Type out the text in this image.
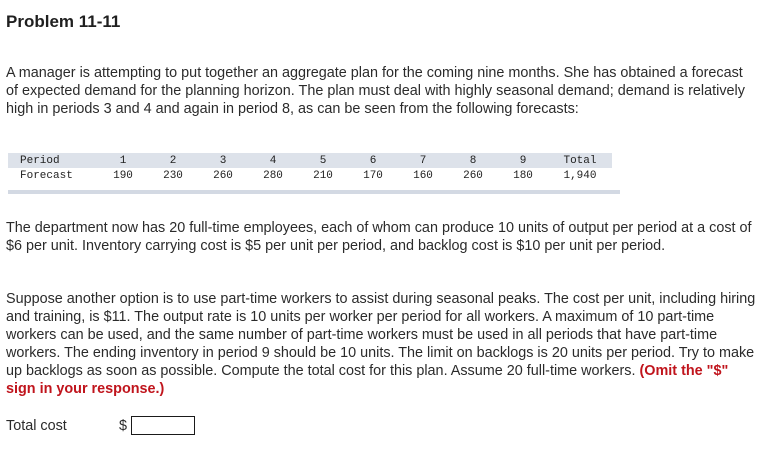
Problem 11-11
A manager is attempting to put together an aggregate plan for the coming nine months. She has obtained a forecast of expected demand for the planning horizon. The plan must deal with highly seasonal demand; demand is relatively high in periods 3 and 4 and again in period 8, as can be seen from the following forecasts:
Period	1	2	3	4	5	6	7	8	9	Total
Forecast	190	230	260	280	210	170	160	260	180	1,940
The department now has 20 full-time employees, each of whom can produce 10 units of output per period at a cost of $6 per unit. Inventory carrying cost is $5 per unit per period, and backlog cost is $10 per unit per period.
Suppose another option is to use part-time workers to assist during seasonal peaks. The cost per unit, including hiring and training, is $11. The output rate is 10 units per worker per period for all workers. A maximum of 10 part-time workers can be used, and the same number of part-time workers must be used in all periods that have part-time workers. The ending inventory in period 9 should be 10 units. The limit on backlogs is 20 units per period. Try to make up backlogs as soon as possible. Compute the total cost for this plan. Assume 20 full-time workers. (Omit the "$" sign in your response.)
Total cost	$
